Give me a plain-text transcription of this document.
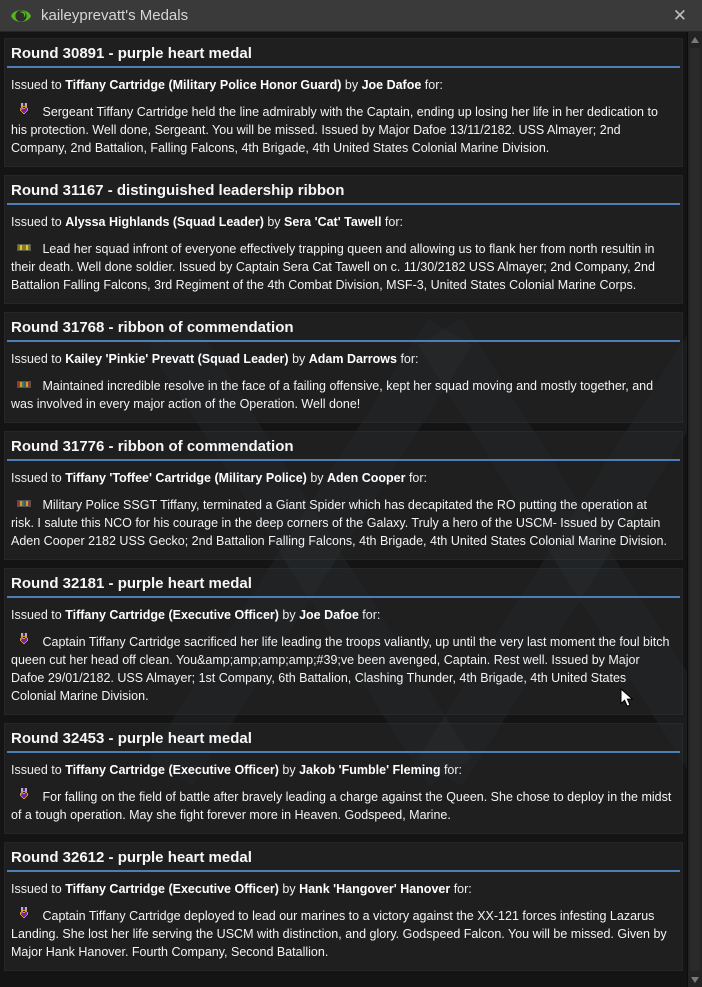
kaileyprevatt's Medals	✕
Round 30891 - purple heart medal
Issued to Tiffany Cartridge (Military Police Honor Guard) by Joe Dafoe for:
Sergeant Tiffany Cartridge held the line admirably with the Captain, ending up losing her life in her dedication to his protection. Well done, Sergeant. You will be missed. Issued by Major Dafoe 13/11/2182. USS Almayer; 2nd Company, 2nd Battalion, Falling Falcons, 4th Brigade, 4th United States Colonial Marine Division.
Round 31167 - distinguished leadership ribbon
Issued to Alyssa Highlands (Squad Leader) by Sera 'Cat' Tawell for:
Lead her squad infront of everyone effectively trapping queen and allowing us to flank her from north resultin in their death. Well done soldier. Issued by Captain Sera Cat Tawell on c. 11/30/2182 USS Almayer; 2nd Company, 2nd Battalion Falling Falcons, 3rd Regiment of the 4th Combat Division, MSF-3, United States Colonial Marine Corps.
Round 31768 - ribbon of commendation
Issued to Kailey 'Pinkie' Prevatt (Squad Leader) by Adam Darrows for:
Maintained incredible resolve in the face of a failing offensive, kept her squad moving and mostly together, and was involved in every major action of the Operation. Well done!
Round 31776 - ribbon of commendation
Issued to Tiffany 'Toffee' Cartridge (Military Police) by Aden Cooper for:
Military Police SSGT Tiffany, terminated a Giant Spider which has decapitated the RO putting the operation at risk. I salute this NCO for his courage in the deep corners of the Galaxy. Truly a hero of the USCM- Issued by Captain Aden Cooper 2182 USS Gecko; 2nd Battalion Falling Falcons, 4th Brigade, 4th United States Colonial Marine Division.
Round 32181 - purple heart medal
Issued to Tiffany Cartridge (Executive Officer) by Joe Dafoe for:
Captain Tiffany Cartridge sacrificed her life leading the troops valiantly, up until the very last moment the foul bitch queen cut her head off clean. You&amp;amp;amp;amp;#39;ve been avenged, Captain. Rest well. Issued by Major Dafoe 29/01/2182. USS Almayer; 1st Company, 6th Battalion, Clashing Thunder, 4th Brigade, 4th United States Colonial Marine Division.
Round 32453 - purple heart medal
Issued to Tiffany Cartridge (Executive Officer) by Jakob 'Fumble' Fleming for:
For falling on the field of battle after bravely leading a charge against the Queen. She chose to deploy in the midst of a tough operation. May she fight forever more in Heaven. Godspeed, Marine.
Round 32612 - purple heart medal
Issued to Tiffany Cartridge (Executive Officer) by Hank 'Hangover' Hanover for:
Captain Tiffany Cartridge deployed to lead our marines to a victory against the XX-121 forces infesting Lazarus Landing. She lost her life serving the USCM with distinction, and glory. Godspeed Falcon. You will be missed. Given by Major Hank Hanover. Fourth Company, Second Batallion.
